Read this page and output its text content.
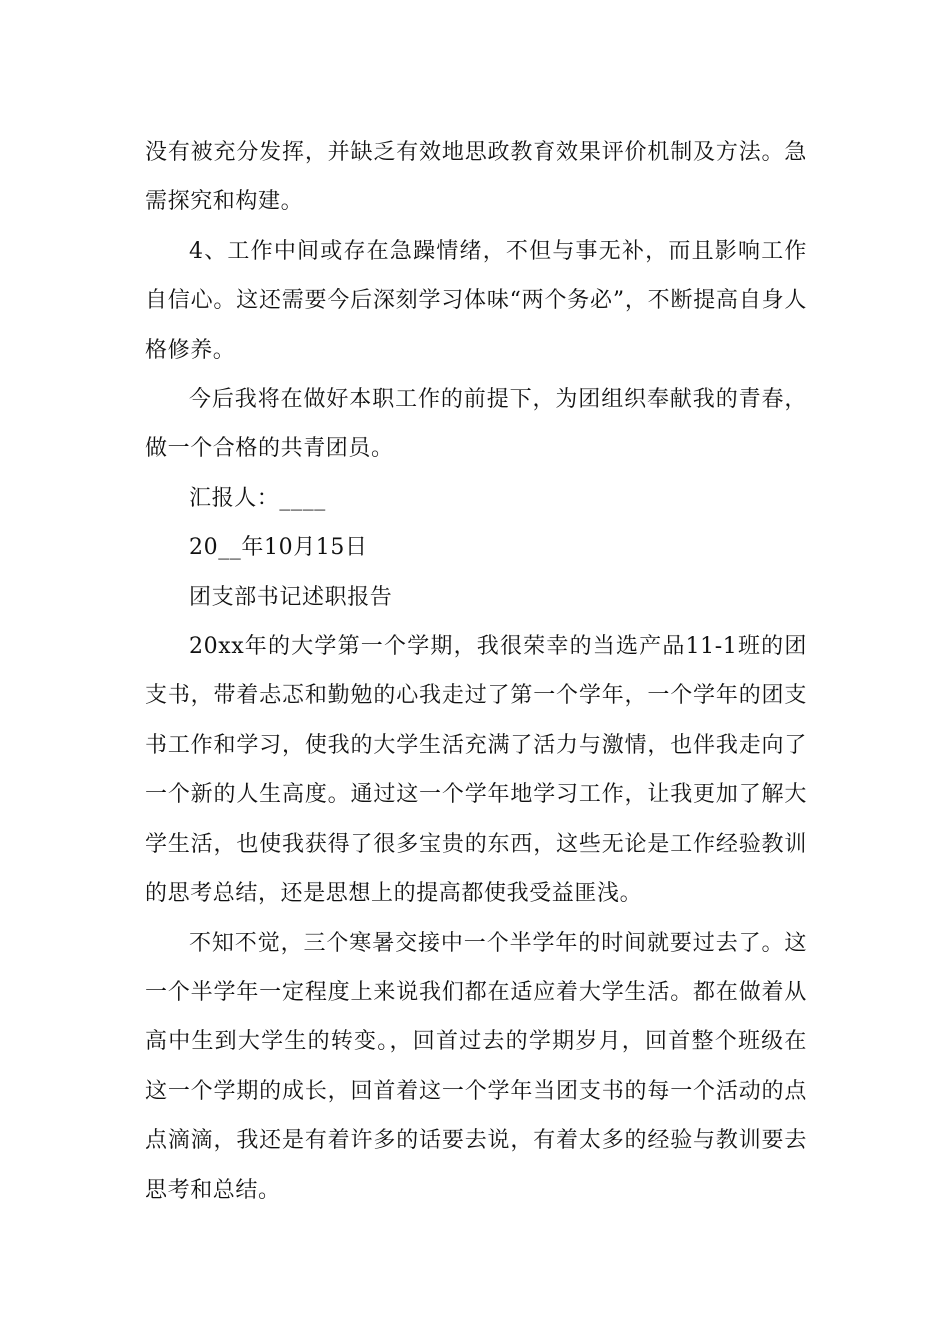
没有被充分发挥，并缺乏有效地思政教育效果评价机制及方法。急需探究和构建。

4、工作中间或存在急躁情绪，不但与事无补，而且影响工作自信心。这还需要今后深刻学习体味“两个务必”，不断提高自身人格修养。

今后我将在做好本职工作的前提下，为团组织奉献我的青春，做一个合格的共青团员。

汇报人：____

20__年10月15日

团支部书记述职报告

20xx年的大学第一个学期，我很荣幸的当选产品11-1班的团支书，带着忐忑和勤勉的心我走过了第一个学年，一个学年的团支书工作和学习，使我的大学生活充满了活力与激情，也伴我走向了一个新的人生高度。通过这一个学年地学习工作，让我更加了解大学生活，也使我获得了很多宝贵的东西，这些无论是工作经验教训的思考总结，还是思想上的提高都使我受益匪浅。

不知不觉，三个寒暑交接中一个半学年的时间就要过去了。这一个半学年一定程度上来说我们都在适应着大学生活。都在做着从高中生到大学生的转变。，回首过去的学期岁月，回首整个班级在这一个学期的成长，回首着这一个学年当团支书的每一个活动的点点滴滴，我还是有着许多的话要去说，有着太多的经验与教训要去思考和总结。
